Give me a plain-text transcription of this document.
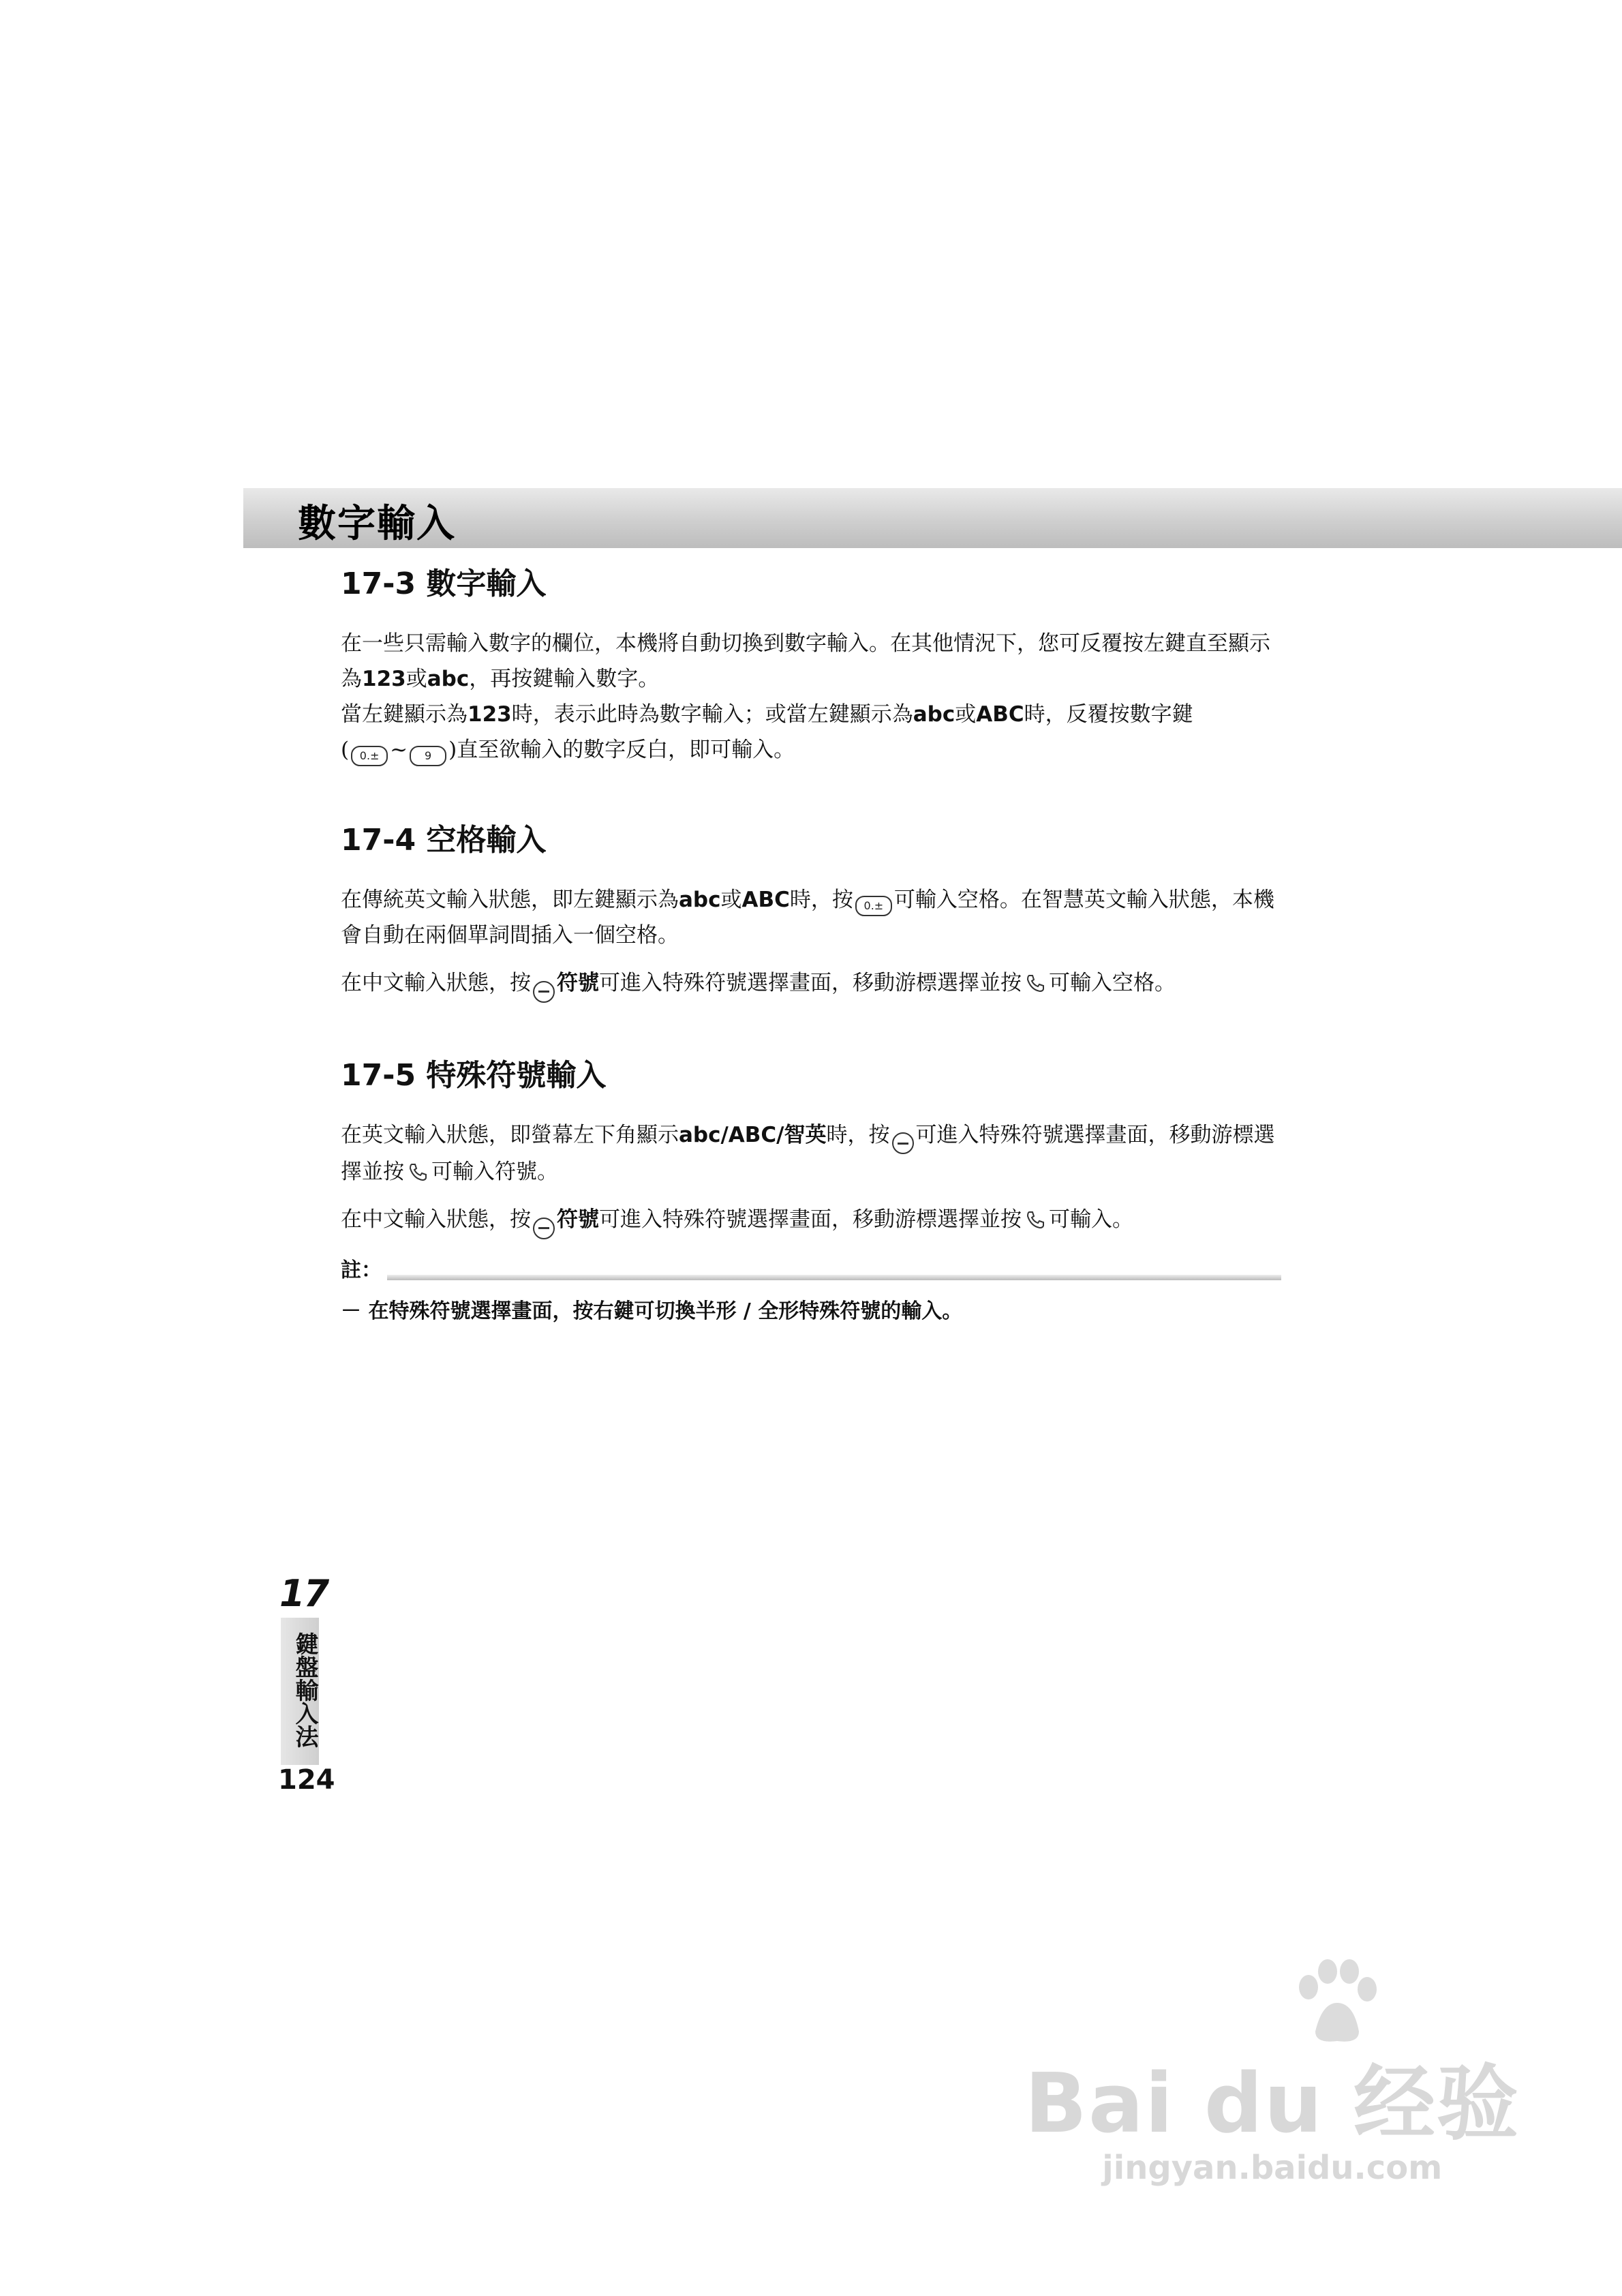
數字輸入
17-3 數字輸入

在一些只需輸入數字的欄位，本機將自動切換到數字輸入。在其他情況下，您可反覆按左鍵直至顯示
為123或abc，再按鍵輸入數字。

當左鍵顯示為123時，表示此時為數字輸入；或當左鍵顯示為abc或ABC時，反覆按數字鍵
( 0.± ~ 9 )直至欲輸入的數字反白，即可輸入。

17-4 空格輸入

在傳統英文輸入狀態，即左鍵顯示為abc或ABC時，按 0.± 可輸入空格。在智慧英文輸入狀態，本機會自動在兩個單詞間插入一個空格。

在中文輸入狀態，按 符號可進入特殊符號選擇畫面，移動游標選擇並按 可輸入空格。

17-5 特殊符號輸入

在英文輸入狀態，即螢幕左下角顯示abc/ABC/智英時，按 可進入特殊符號選擇畫面，移動游標選擇並按 可輸入符號。

在中文輸入狀態，按 符號可進入特殊符號選擇畫面，移動游標選擇並按 可輸入。

註：
－ 在特殊符號選擇畫面，按右鍵可切換半形 / 全形特殊符號的輸入。
17
鍵盤輸入法
124
Bai du 经验
jingyan.baidu.com
